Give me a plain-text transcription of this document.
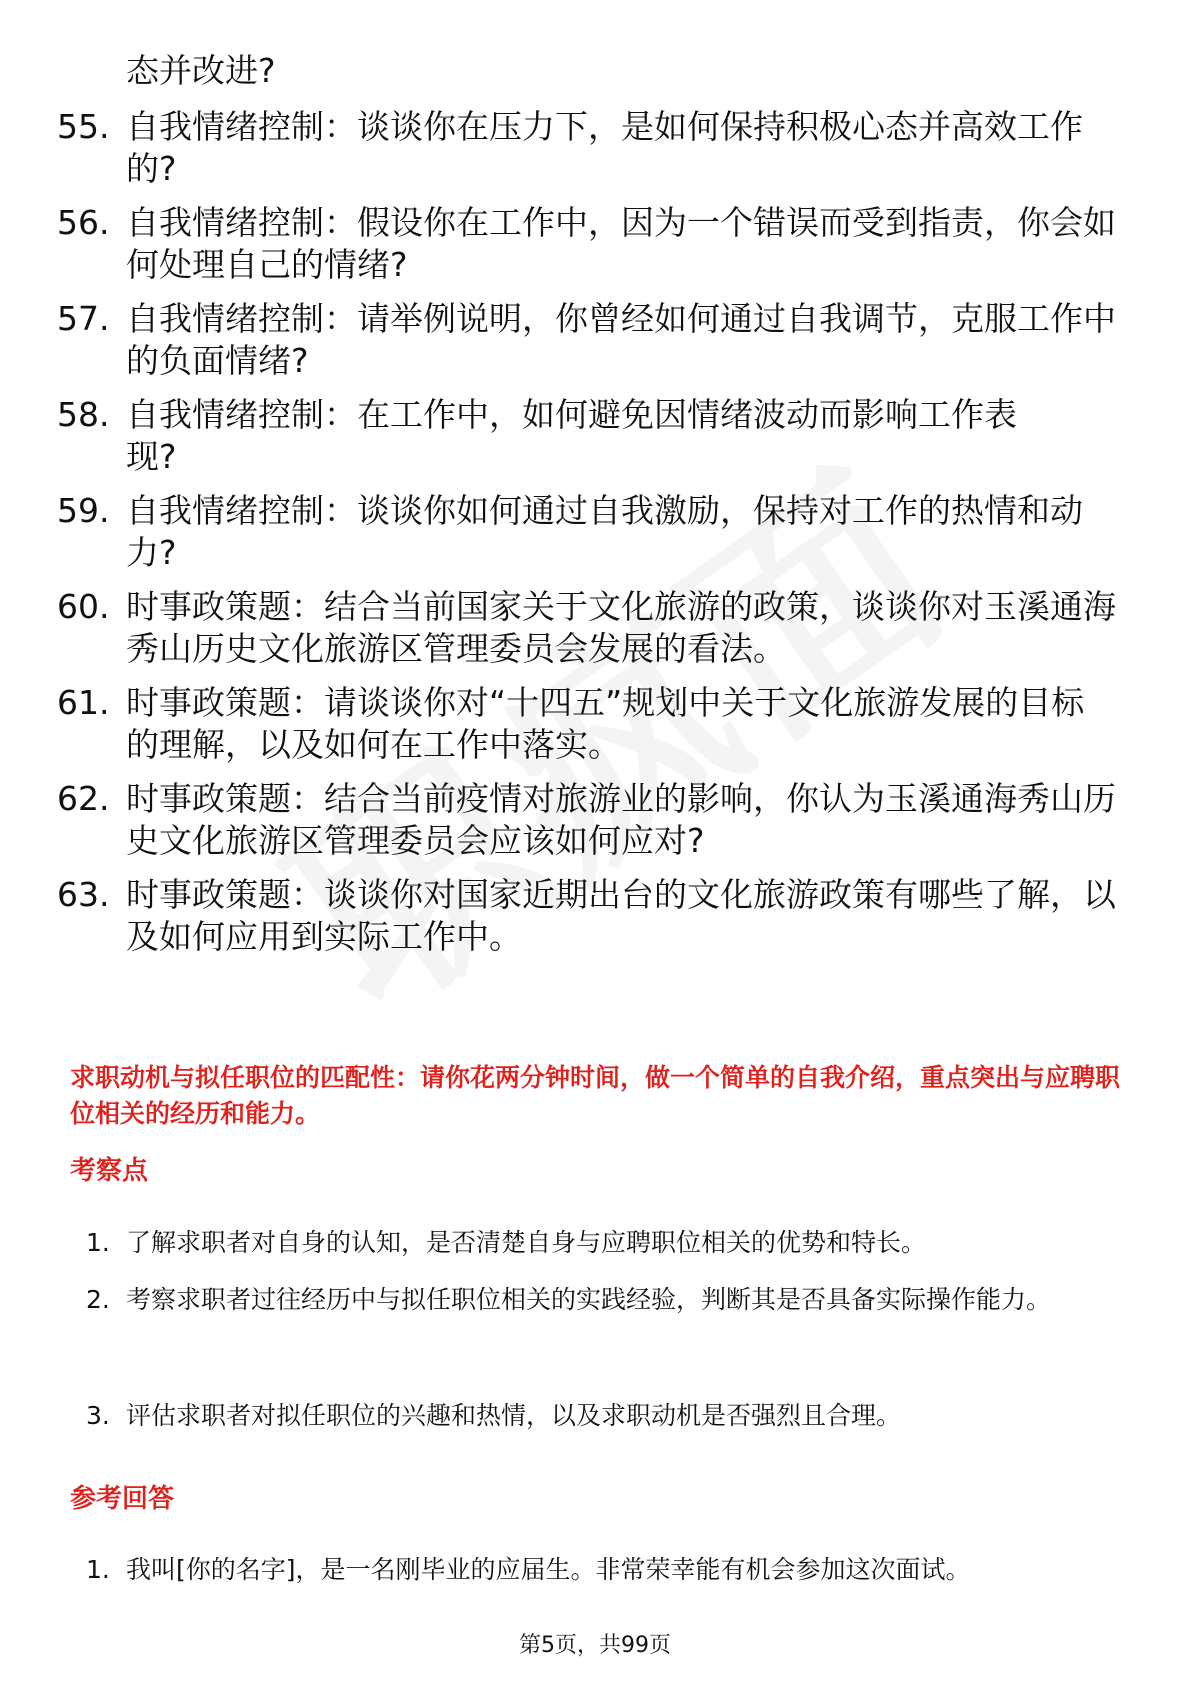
态并改进?

55. 自我情绪控制：谈谈你在压力下，是如何保持积极心态并高效工作的?
56. 自我情绪控制：假设你在工作中，因为一个错误而受到指责，你会如何处理自己的情绪?
57. 自我情绪控制：请举例说明，你曾经如何通过自我调节，克服工作中的负面情绪?
58. 自我情绪控制：在工作中，如何避免因情绪波动而影响工作表现?
59. 自我情绪控制：谈谈你如何通过自我激励，保持对工作的热情和动力?
60. 时事政策题：结合当前国家关于文化旅游的政策，谈谈你对玉溪通海秀山历史文化旅游区管理委员会发展的看法。
61. 时事政策题：请谈谈你对“十四五”规划中关于文化旅游发展的目标的理解，以及如何在工作中落实。
62. 时事政策题：结合当前疫情对旅游业的影响，你认为玉溪通海秀山历史文化旅游区管理委员会应该如何应对?
63. 时事政策题：谈谈你对国家近期出台的文化旅游政策有哪些了解，以及如何应用到实际工作中。

求职动机与拟任职位的匹配性：请你花两分钟时间，做一个简单的自我介绍，重点突出与应聘职位相关的经历和能力。

考察点
1. 了解求职者对自身的认知，是否清楚自身与应聘职位相关的优势和特长。
2. 考察求职者过往经历中与拟任职位相关的实践经验，判断其是否具备实际操作能力。
3. 评估求职者对拟任职位的兴趣和热情，以及求职动机是否强烈且合理。
参考回答
1. 我叫[你的名字]，是一名刚毕业的应届生。非常荣幸能有机会参加这次面试。
第5页，共99页
